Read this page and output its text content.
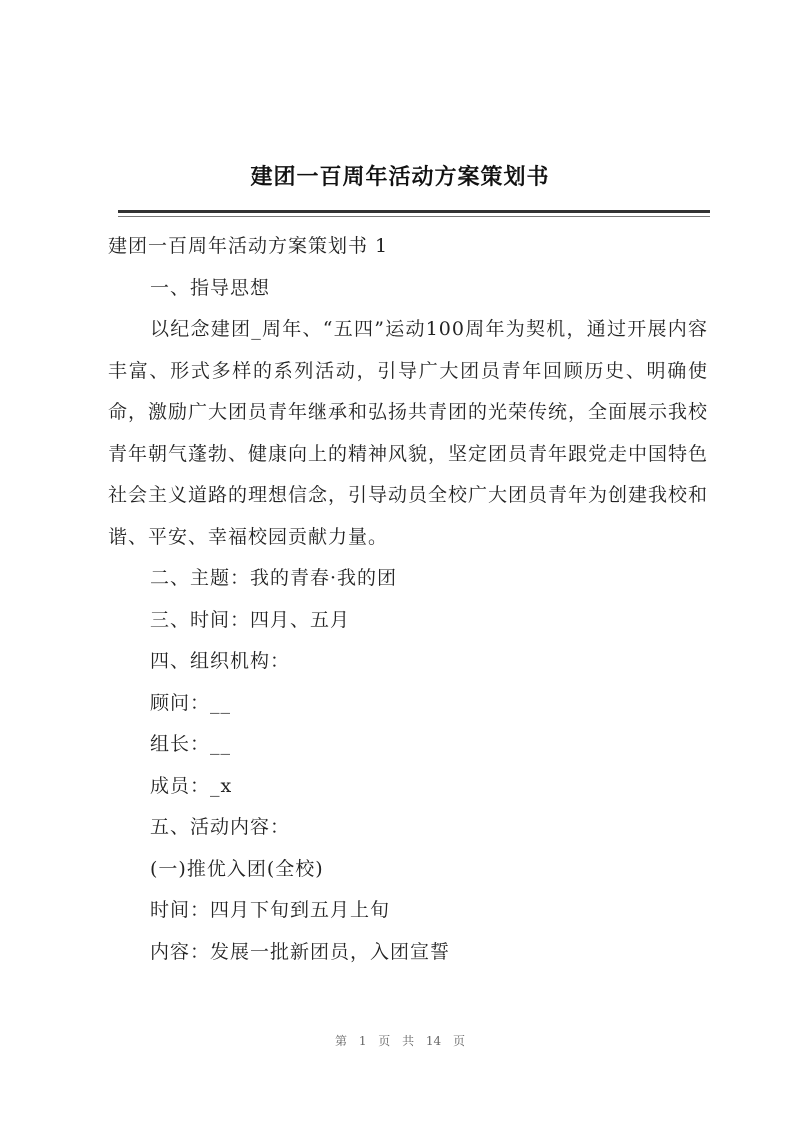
建团一百周年活动方案策划书
建团一百周年活动方案策划书 1
一、指导思想
以纪念建团_周年、“五四”运动100周年为契机，通过开展内容丰富、形式多样的系列活动，引导广大团员青年回顾历史、明确使命，激励广大团员青年继承和弘扬共青团的光荣传统，全面展示我校青年朝气蓬勃、健康向上的精神风貌，坚定团员青年跟党走中国特色社会主义道路的理想信念，引导动员全校广大团员青年为创建我校和谐、平安、幸福校园贡献力量。
二、主题：我的青春·我的团
三、时间：四月、五月
四、组织机构：
顾问：__
组长：__
成员：_x
五、活动内容：
(一)推优入团(全校)
时间：四月下旬到五月上旬
内容：发展一批新团员，入团宣誓
第 1 页 共 14 页
